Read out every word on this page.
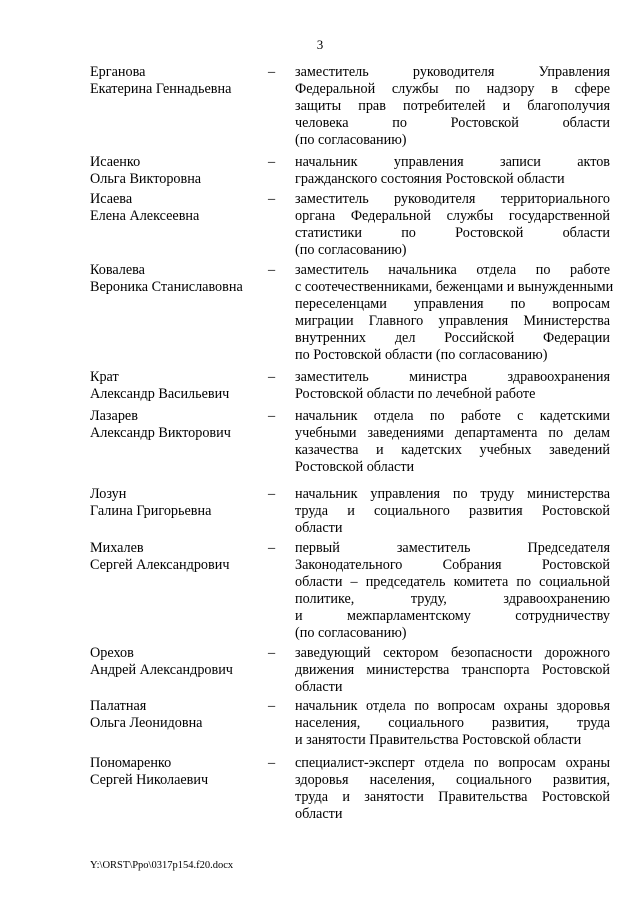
3
Ерганова
Екатерина Геннадьевна
–	заместитель руководителя Управления
Федеральной службы по надзору в сфере
защиты прав потребителей и благополучия
человека по Ростовской области
(по согласованию)
Исаенко
Ольга Викторовна
–	начальник управления записи актов
гражданского состояния Ростовской области
Исаева
Елена Алексеевна
–	заместитель руководителя территориального
органа Федеральной службы государственной
статистики по Ростовской области
(по согласованию)
Ковалева
Вероника Станиславовна
–	заместитель начальника отдела по работе
с соотечественниками, беженцами и вынужденными
переселенцами управления по вопросам
миграции Главного управления Министерства
внутренних дел Российской Федерации
по Ростовской области (по согласованию)
Крат
Александр Васильевич
–	заместитель министра здравоохранения
Ростовской области по лечебной работе
Лазарев
Александр Викторович
–	начальник отдела по работе с кадетскими
учебными заведениями департамента по делам
казачества и кадетских учебных заведений
Ростовской области
Лозун
Галина Григорьевна
–	начальник управления по труду министерства
труда и социального развития Ростовской
области
Михалев
Сергей Александрович
–	первый заместитель Председателя
Законодательного Собрания Ростовской
области – председатель комитета по социальной
политике, труду, здравоохранению
и межпарламентскому сотрудничеству
(по согласованию)
Орехов
Андрей Александрович
–	заведующий сектором безопасности дорожного
движения министерства транспорта Ростовской
области
Палатная
Ольга Леонидовна
–	начальник отдела по вопросам охраны здоровья
населения, социального развития, труда
и занятости Правительства Ростовской области
Пономаренко
Сергей Николаевич
–	специалист-эксперт отдела по вопросам охраны
здоровья населения, социального развития,
труда и занятости Правительства Ростовской
области
Y:\ORST\Ppo\0317p154.f20.docx
